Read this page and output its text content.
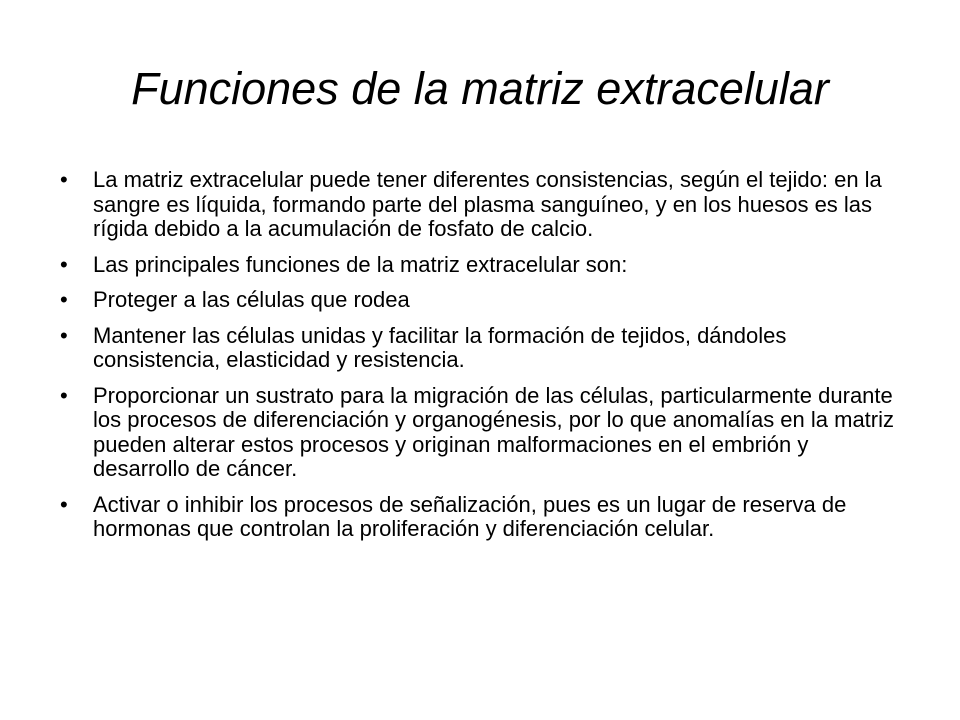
Funciones de la matriz extracelular
• La matriz extracelular puede tener diferentes consistencias, según el tejido: en la sangre es líquida, formando parte del plasma sanguíneo, y en los huesos es las rígida debido a la acumulación de fosfato de calcio.
• Las principales funciones de la matriz extracelular son:
• Proteger a las células que rodea
• Mantener las células unidas y facilitar la formación de tejidos, dándoles consistencia, elasticidad y resistencia.
• Proporcionar un sustrato para la migración de las células, particularmente durante los procesos de diferenciación y organogénesis, por lo que anomalías en la matriz pueden alterar estos procesos y originan malformaciones en el embrión y desarrollo de cáncer.
• Activar o inhibir los procesos de señalización, pues es un lugar de reserva de hormonas que controlan la proliferación y diferenciación celular.
